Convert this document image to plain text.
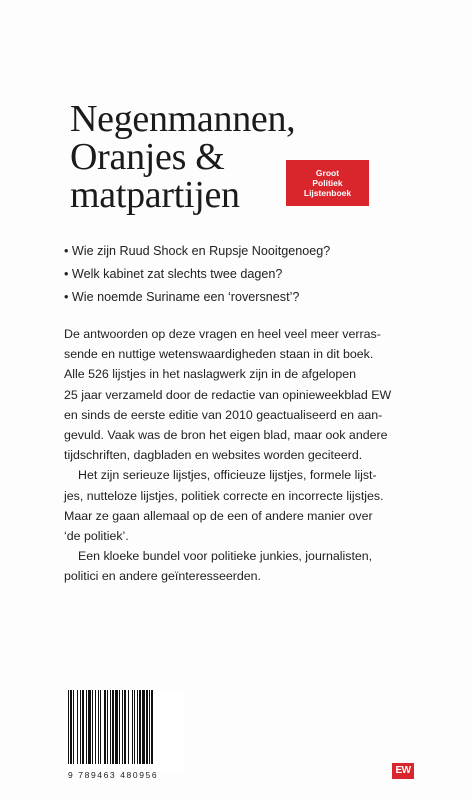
Negenmannen,
Oranjes &
matpartijen
Groot
Politiek
Lijstenboek
• Wie zijn Ruud Shock en Rupsje Nooitgenoeg?
• Welk kabinet zat slechts twee dagen?
• Wie noemde Suriname een ‘roversnest’?

De antwoorden op deze vragen en heel veel meer verras-
sende en nuttige wetenswaardigheden staan in dit boek.
Alle 526 lijstjes in het naslagwerk zijn in de afgelopen
25 jaar verzameld door de redactie van opinieweekblad EW
en sinds de eerste editie van 2010 geactualiseerd en aan-
gevuld. Vaak was de bron het eigen blad, maar ook andere
tijdschriften, dagbladen en websites worden geciteerd.

Het zijn serieuze lijstjes, officieuze lijstjes, formele lijst-
jes, nutteloze lijstjes, politiek correcte en incorrecte lijstjes.
Maar ze gaan allemaal op de een of andere manier over
‘de politiek’.

Een kloeke bundel voor politieke junkies, journalisten,
politici en andere geïnteresseerden.

9 789463 480956	EW
